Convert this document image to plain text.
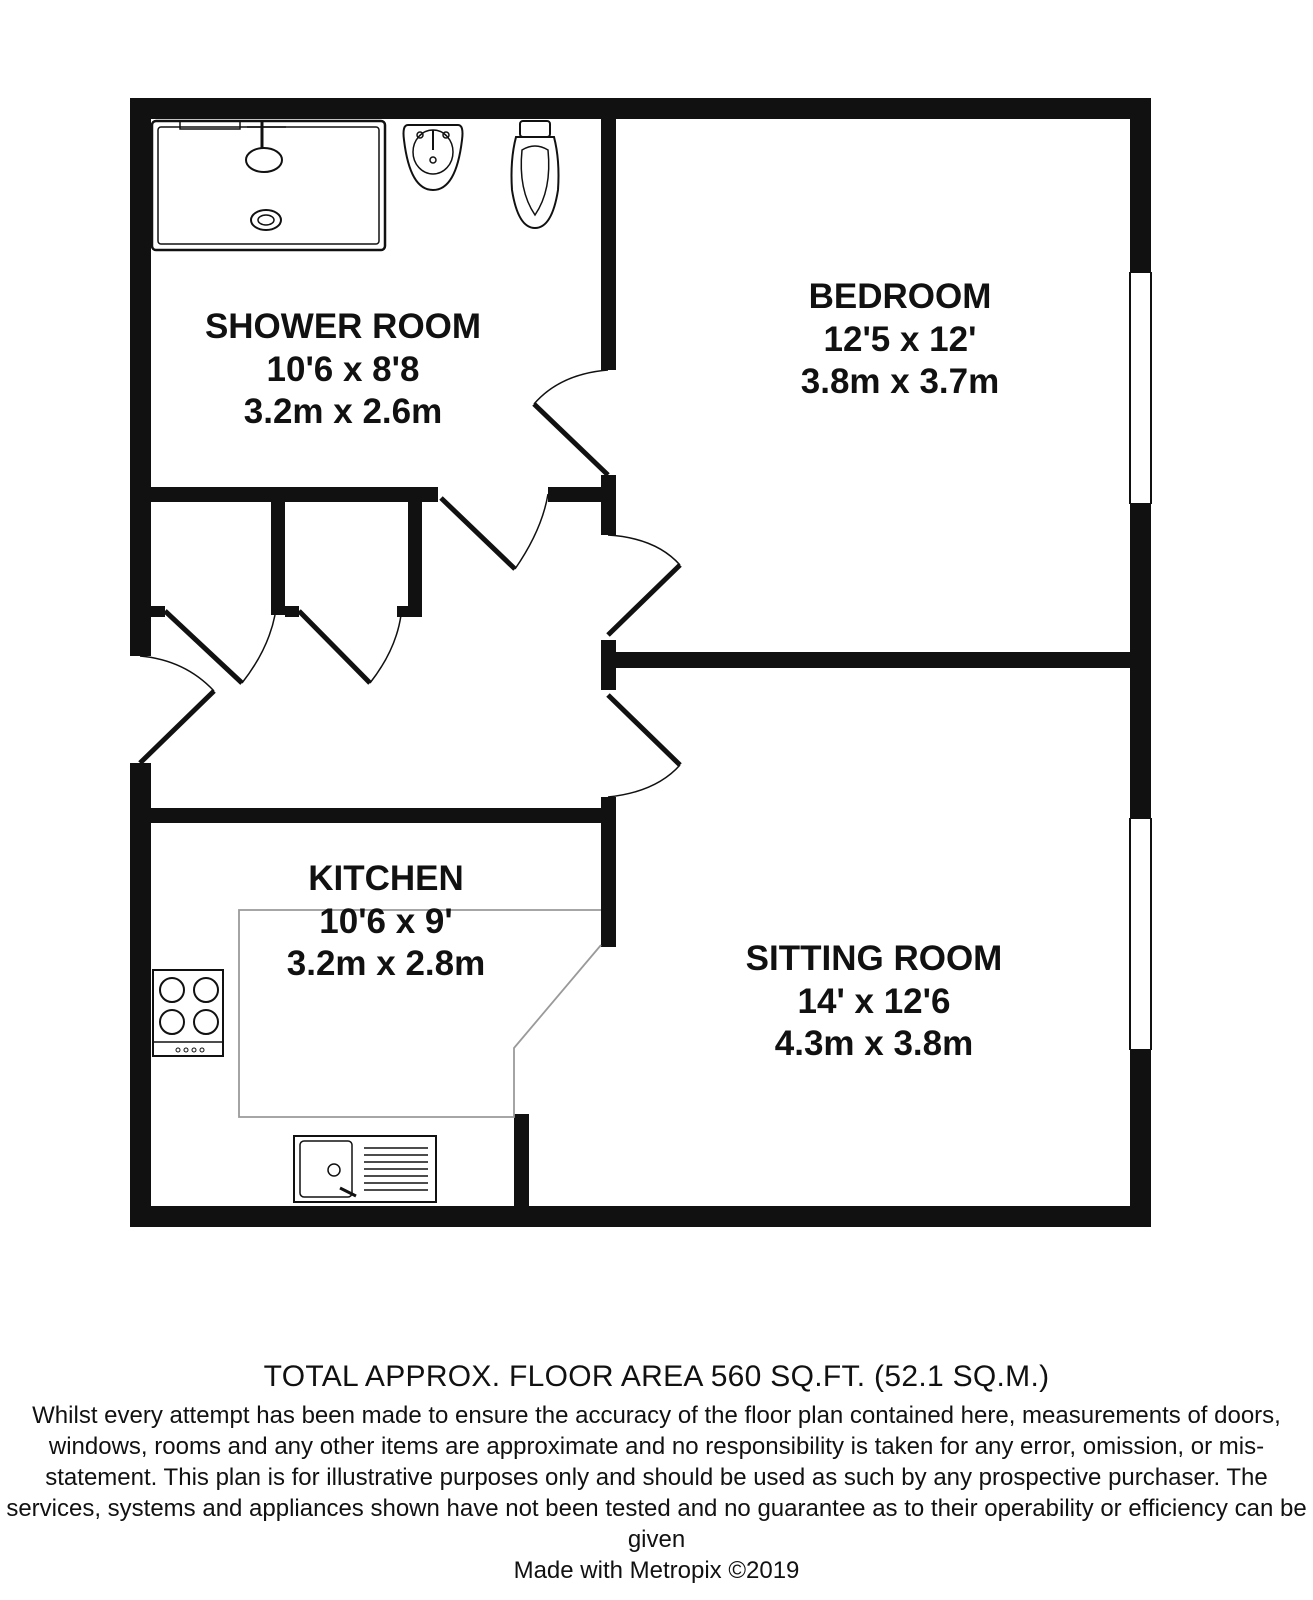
SHOWER ROOM
10'6 x 8'8
3.2m x 2.6m
BEDROOM
12'5 x 12'
3.8m x 3.7m
KITCHEN
10'6 x 9'
3.2m x 2.8m	SITTING ROOM
14' x 12'6
4.3m x 3.8m
TOTAL APPROX. FLOOR AREA 560 SQ.FT. (52.1 SQ.M.)
Whilst every attempt has been made to ensure the accuracy of the floor plan contained here, measurements of doors, windows, rooms and any other items are approximate and no responsibility is taken for any error, omission, or mis-statement. This plan is for illustrative purposes only and should be used as such by any prospective purchaser. The services, systems and appliances shown have not been tested and no guarantee as to their operability or efficiency can be given
Made with Metropix ©2019
